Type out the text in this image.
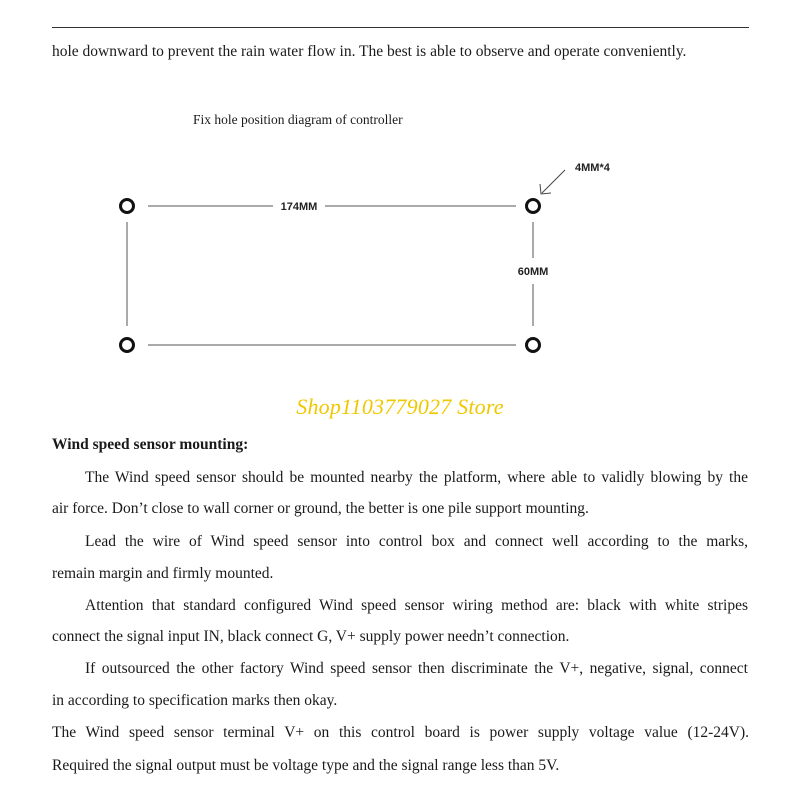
hole downward to prevent the rain water flow in. The best is able to observe and operate conveniently.
Fix hole position diagram of controller
174MM
60MM
4MM*4
Shop1103779027 Store
Wind speed sensor mounting:
The Wind speed sensor should be mounted nearby the platform, where able to validly blowing by the
air force. Don’t close to wall corner or ground, the better is one pile support mounting.
Lead the wire of Wind speed sensor into control box and connect well according to the marks,
remain margin and firmly mounted.
Attention that standard configured Wind speed sensor wiring method are: black with white stripes
connect the signal input IN, black connect G, V+ supply power needn’t connection.
If outsourced the other factory Wind speed sensor then discriminate the V+, negative, signal, connect
in according to specification marks then okay.
The Wind speed sensor terminal V+ on this control board is power supply voltage value (12-24V).
Required the signal output must be voltage type and the signal range less than 5V.
